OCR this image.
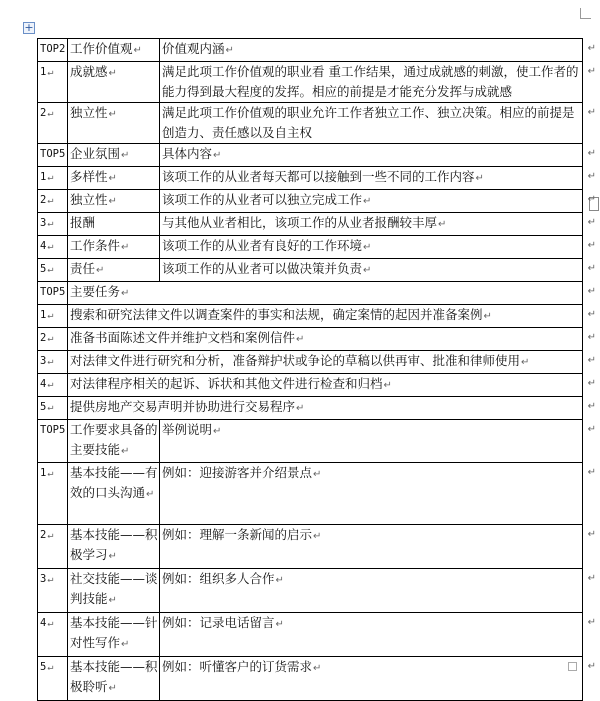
+
TOP2	工作价值观↵	价值观内涵↵ ↵

1↵	成就感↵	满足此项工作价值观的职业看 重工作结果，通过成就感的刺激，使工作者的能力得到最大程度的发挥。相应的前提是才能充分发挥与成就感
↵

2↵	独立性↵	满足此项工作价值观的职业允许工作者独立工作、独立决策。相应的前提是创造力、责任感以及自主权
↵

TOP5	企业氛围↵	具体内容↵ ↵

1↵	多样性↵	该项工作的从业者每天都可以接触到一些不同的工作内容↵ ↵

2↵	独立性↵	该项工作的从业者可以独立完成工作↵ ↵

3↵	报酬	与其他从业者相比，该项工作的从业者报酬较丰厚↵ ↵

4↵	工作条件↵	该项工作的从业者有良好的工作环境↵ ↵

5↵	责任↵	该项工作的从业者可以做决策并负责↵ ↵

TOP5	主要任务↵ ↵	

1↵	搜索和研究法律文件以调查案件的事实和法规，确定案情的起因并准备案例↵ ↵	

2↵	准备书面陈述文件并维护文档和案例信件↵ ↵	

3↵	对法律文件进行研究和分析，准备辩护状或争论的草稿以供再审、批准和律师使用↵ ↵	

4↵	对法律程序相关的起诉、诉状和其他文件进行检查和归档↵ ↵	

5↵	提供房地产交易声明并协助进行交易程序↵ ↵	

TOP5	工作要求具备的主要技能↵	举例说明↵ ↵

1↵	基本技能——有效的口头沟通↵	例如：迎接游客并介绍景点↵ ↵

2↵	基本技能——积极学习↵	例如：理解一条新闻的启示↵ ↵

3↵	社交技能——谈判技能↵	例如：组织多人合作↵ ↵

4↵	基本技能——针对性写作↵	例如：记录电话留言↵ ↵

5↵	基本技能——积极聆听↵	例如：听懂客户的订货需求↵ ↵
